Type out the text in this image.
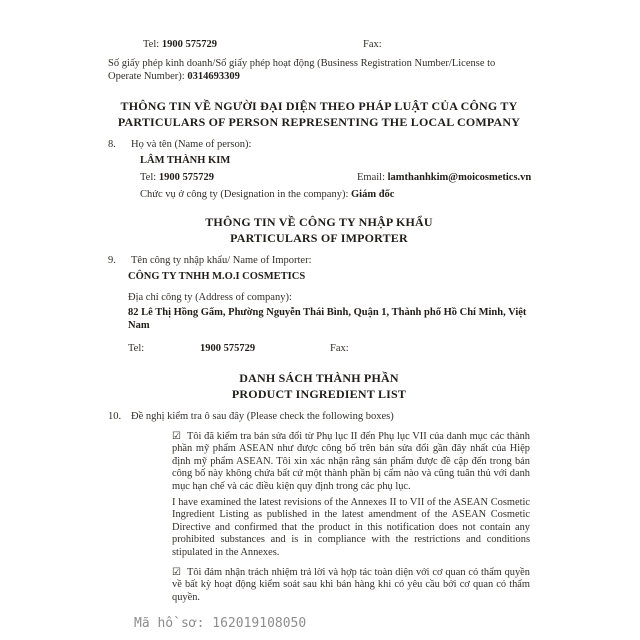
Tel: 1900 575729	Fax:

Số giấy phép kinh doanh/Số giấy phép hoạt động (Business Registration Number/License to Operate Number): 0314693309

THÔNG TIN VỀ NGƯỜI ĐẠI DIỆN THEO PHÁP LUẬT CỦA CÔNG TY
PARTICULARS OF PERSON REPRESENTING THE LOCAL COMPANY
8.	Họ và tên (Name of person):
LÂM THÀNH KIM
Tel: 1900 575729	Email: lamthanhkim@moicosmetics.vn
Chức vụ ở công ty (Designation in the company): Giám đốc
THÔNG TIN VỀ CÔNG TY NHẬP KHẨU
PARTICULARS OF IMPORTER
9.	Tên công ty nhập khẩu/ Name of Importer:
CÔNG TY TNHH M.O.I COSMETICS
Địa chỉ công ty (Address of company):
82 Lê Thị Hồng Gấm, Phường Nguyễn Thái Bình, Quận 1, Thành phố Hồ Chí Minh, Việt Nam
Tel:	1900 575729	Fax:
DANH SÁCH THÀNH PHẦN
PRODUCT INGREDIENT LIST
10. Đề nghị kiểm tra ô sau đây (Please check the following boxes)

☑ Tôi đã kiểm tra bản sửa đổi từ Phụ lục II đến Phụ lục VII của danh mục các thành phần mỹ phẩm ASEAN như được công bố trên bản sửa đổi gần đây nhất của Hiệp định mỹ phẩm ASEAN. Tôi xin xác nhận rằng sản phẩm được đề cập đến trong bản công bố này không chứa bất cứ một thành phần bị cấm nào và cũng tuân thủ với danh mục hạn chế và các điều kiện quy định trong các phụ lục.

I have examined the latest revisions of the Annexes II to VII of the ASEAN Cosmetic Ingredient Listing as published in the latest amendment of the ASEAN Cosmetic Directive and confirmed that the product in this notification does not contain any prohibited substances and is in compliance with the restrictions and conditions stipulated in the Annexes.

☑ Tôi đảm nhận trách nhiệm trả lời và hợp tác toàn diện với cơ quan có thẩm quyền về bất kỳ hoạt động kiểm soát sau khi bán hàng khi có yêu cầu bởi cơ quan có thẩm quyền.

Mã hồ sơ: 162019108050
